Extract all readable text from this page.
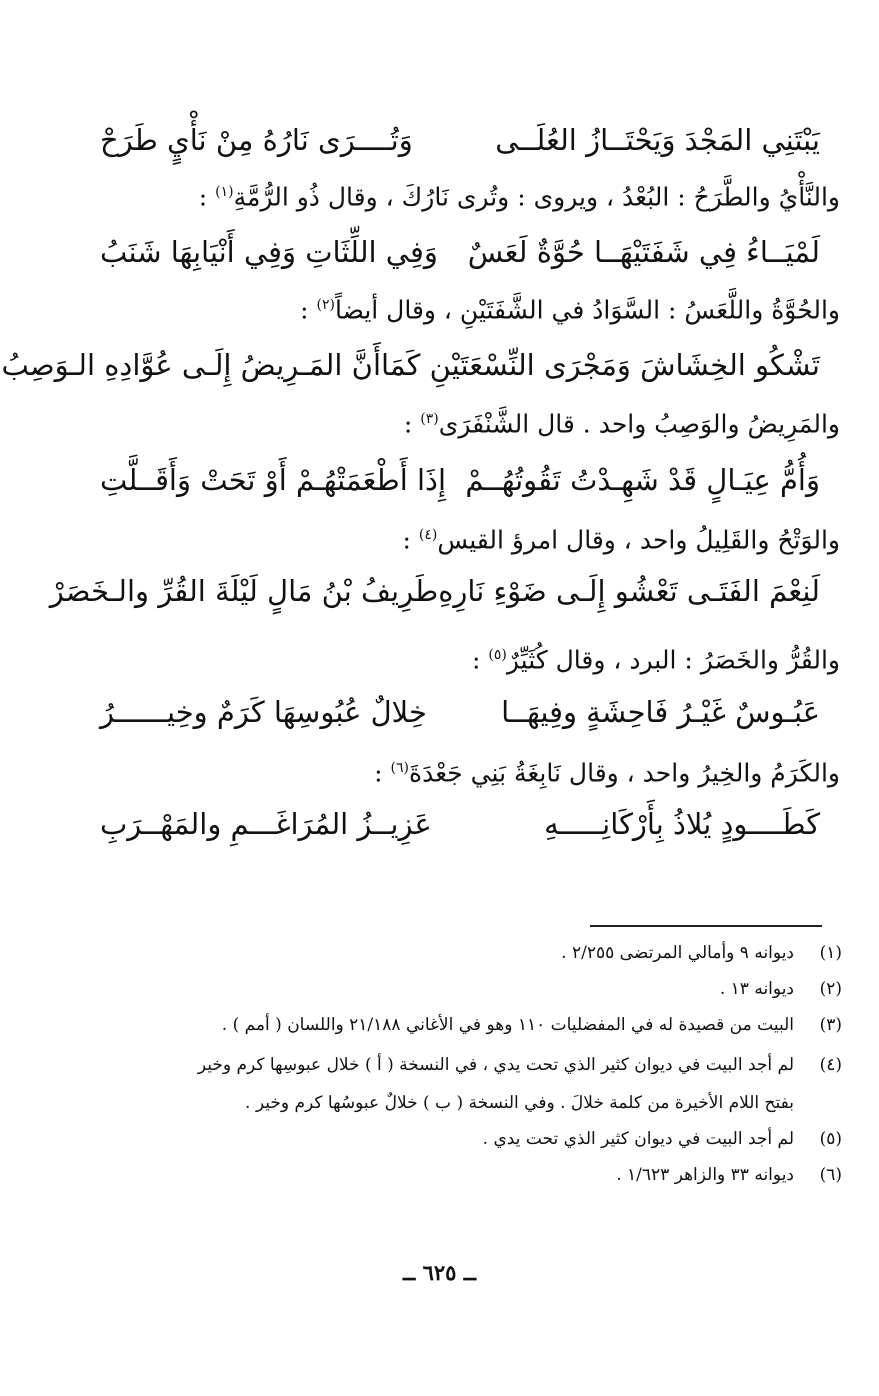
يَبْتَنِي المَجْدَ وَيَحْتَــازُ العُلَــى
وَتُــــرَى نَارُهُ مِنْ نَأْيٍ طَرَحْ
والنَّأْيُ والطَّرَحُ : البُعْدُ ، ويروى : وتُرى نَارُكَ ، وقال ذُو الرُّمَّةِ$^{(١)}$ :
لَمْيَــاءُ فِي شَفَتَيْهَــا حُوَّةٌ لَعَسٌ
وَفِي اللِّثَاتِ وَفِي أَنْيَابِهَا شَنَبُ
والحُوَّةُ واللَّعَسُ : السَّوَادُ في الشَّفَتَيْنِ ، وقال أيضاً$^{(٢)}$ :
تَشْكُو الخِشَاشَ وَمَجْرَى النِّسْعَتَيْنِ كَمَا
أَنَّ المَـرِيضُ إِلَـى عُوَّادِهِ الـوَصِبُ
والمَرِيضُ والوَصِبُ واحد . قال الشَّنْفَرَى$^{(٣)}$ :
وَأُمُّ عِيَـالٍ قَدْ شَهِـدْتُ تَقُوتُهُــمْ
إِذَا أَطْعَمَتْهُـمْ أَوْ تَحَتْ وَأَقَــلَّتِ
والوَتْحُ والقَلِيلُ واحد ، وقال امرؤ القيس$^{(٤)}$ :
لَنِعْمَ الفَتَـى تَعْشُو إِلَـى ضَوْءِ نَارِهِ
طَرِيفُ بْنُ مَالٍ لَيْلَةَ القُرِّ والـخَصَرْ
والقُرُّ والخَصَرُ : البرد ، وقال كُثَيِّرٌ$^{(٥)}$ :
عَبُـوسٌ غَيْـرُ فَاحِشَةٍ وفِيهَــا
خِلالٌ عُبُوسِهَا كَرَمٌ وخِيــــــرُ
والكَرَمُ والخِيرُ واحد ، وقال نَابِغَةُ بَنِي جَعْدَةَ$^{(٦)}$ :
كَطَــــودٍ يُلاذُ بِأَرْكَانِـــــهِ
عَزِيــزُ المُرَاغَـــمِ والمَهْــرَبِ
(١)
ديوانه ٩ وأمالي المرتضى ٢/٢٥٥ .
(٢)
ديوانه ١٣ .
(٣)
البيت من قصيدة له في المفضليات ١١٠ وهو في الأغاني ٢١/١٨٨ واللسان ( أمم ) .
(٤)
لم أجد البيت في ديوان كثير الذي تحت يدي ، في النسخة ( أ ) خلال عبوسِها كرم وخير
بفتح اللام الأخيرة من كلمة خلالَ . وفي النسخة ( ب ) خلالٌ عبوسُها كرم وخير .
(٥)
لم أجد البيت في ديوان كثير الذي تحت يدي .
(٦)
ديوانه ٣٣ والزاهر ١/٦٢٣ .
ــ ٦٢٥ ــ
